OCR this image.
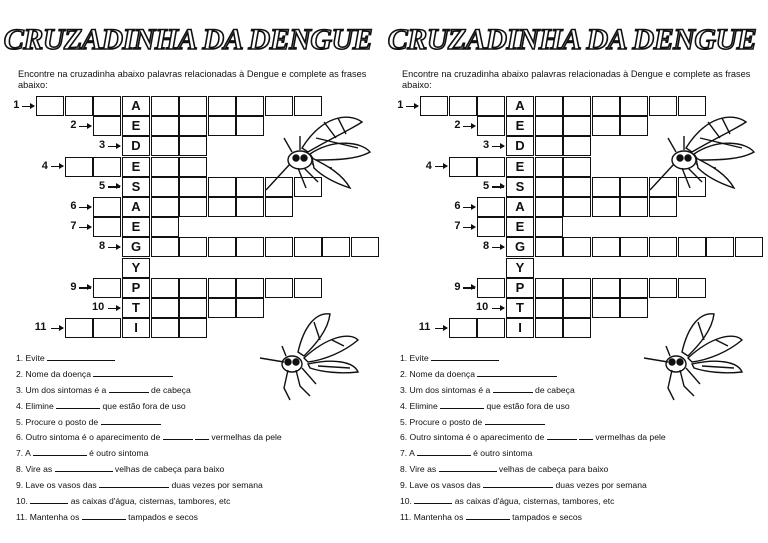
CRUZADINHA DA DENGUE
Encontre na cruzadinha abaixo palavras relacionadas à Dengue e complete as frases abaixo:
A
1
E
2
D
3
E
4
S
5
A
6
E
7
G
8
Y
P
9
T
10
I
11
1. Evite
2. Nome da doença
3. Um dos sintomas é a	de cabeça
4. Elimine	que estão fora de uso
5. Procure o posto de
6. Outro sintoma é o aparecimento de	vermelhas da pele
7. A	é outro sintoma
8. Vire as	velhas de cabeça para baixo
9. Lave os vasos das	duas vezes por semana
10.	as caixas d'água, cisternas, tambores, etc
11. Mantenha os	tampados e secos
CRUZADINHA DA DENGUE
Encontre na cruzadinha abaixo palavras relacionadas à Dengue e complete as frases abaixo:
A
1
E
2
D
3
E
4
S
5
A
6
E
7
G
8
Y
P
9
T
10
I
11
1. Evite
2. Nome da doença
3. Um dos sintomas é a	de cabeça
4. Elimine	que estão fora de uso
5. Procure o posto de
6. Outro sintoma é o aparecimento de	vermelhas da pele
7. A	é outro sintoma
8. Vire as	velhas de cabeça para baixo
9. Lave os vasos das	duas vezes por semana
10.	as caixas d'água, cisternas, tambores, etc
11. Mantenha os	tampados e secos
